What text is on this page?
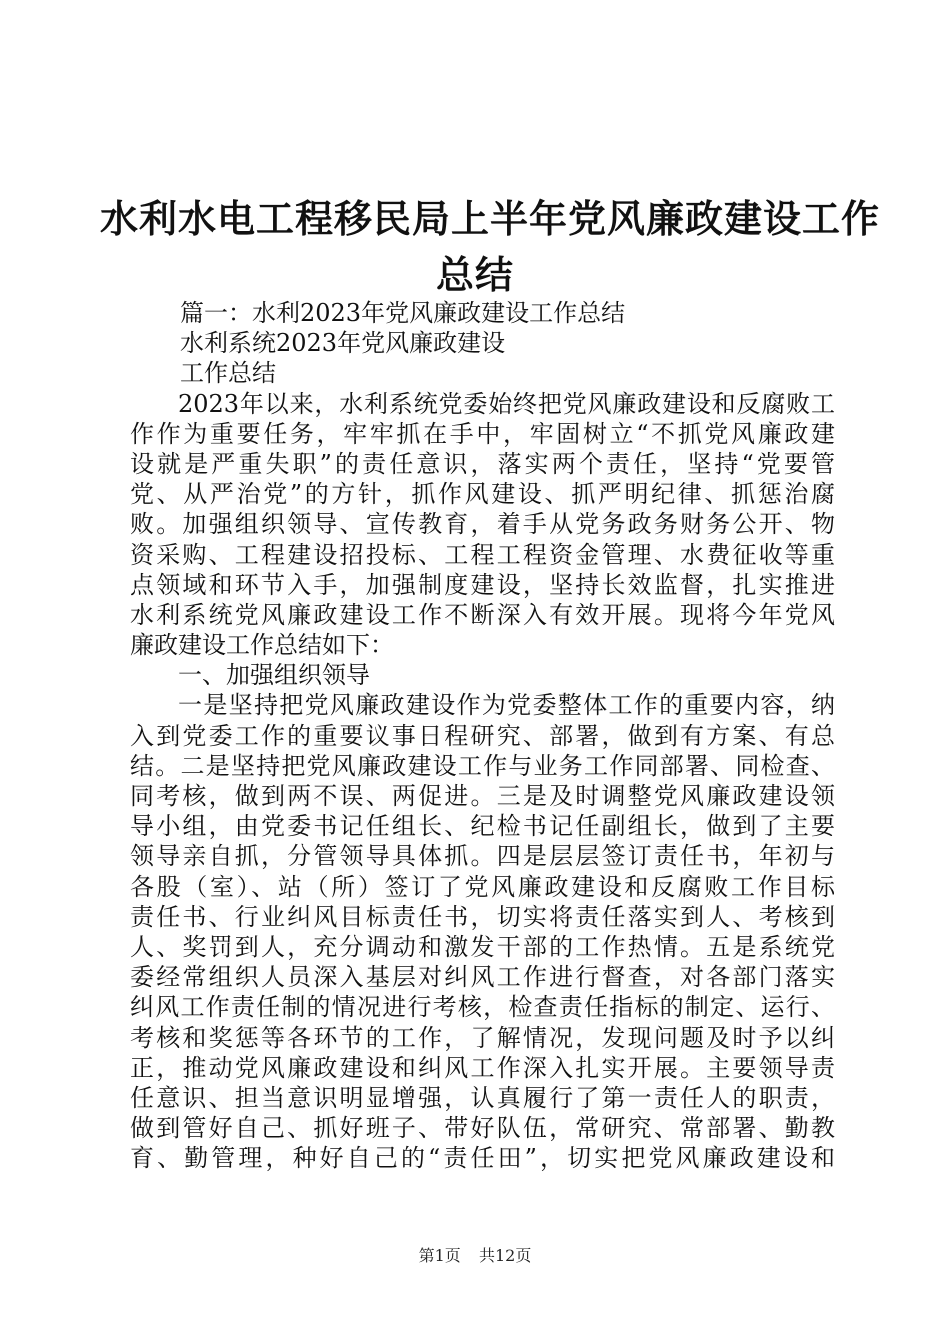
水利水电工程移民局上半年党风廉政建设工作
总结
篇一：水利2023年党风廉政建设工作总结
水利系统2023年党风廉政建设
工作总结
2023年以来，水利系统党委始终把党风廉政建设和反腐败工
作作为重要任务，牢牢抓在手中，牢固树立“不抓党风廉政建
设就是严重失职”的责任意识，落实两个责任，坚持“党要管
党、从严治党”的方针，抓作风建设、抓严明纪律、抓惩治腐
败。加强组织领导、宣传教育，着手从党务政务财务公开、物
资采购、工程建设招投标、工程工程资金管理、水费征收等重
点领域和环节入手，加强制度建设，坚持长效监督，扎实推进
水利系统党风廉政建设工作不断深入有效开展。现将今年党风
廉政建设工作总结如下：
一、加强组织领导
一是坚持把党风廉政建设作为党委整体工作的重要内容，纳
入到党委工作的重要议事日程研究、部署，做到有方案、有总
结。二是坚持把党风廉政建设工作与业务工作同部署、同检查、
同考核，做到两不误、两促进。三是及时调整党风廉政建设领
导小组，由党委书记任组长、纪检书记任副组长，做到了主要
领导亲自抓，分管领导具体抓。四是层层签订责任书，年初与
各股（室）、站（所）签订了党风廉政建设和反腐败工作目标
责任书、行业纠风目标责任书，切实将责任落实到人、考核到
人、奖罚到人，充分调动和激发干部的工作热情。五是系统党
委经常组织人员深入基层对纠风工作进行督查，对各部门落实
纠风工作责任制的情况进行考核，检查责任指标的制定、运行、
考核和奖惩等各环节的工作，了解情况，发现问题及时予以纠
正，推动党风廉政建设和纠风工作深入扎实开展。主要领导责
任意识、担当意识明显增强，认真履行了第一责任人的职责，
做到管好自己、抓好班子、带好队伍，常研究、常部署、勤教
育、勤管理，种好自己的“责任田”，切实把党风廉政建设和
第1页 共12页
